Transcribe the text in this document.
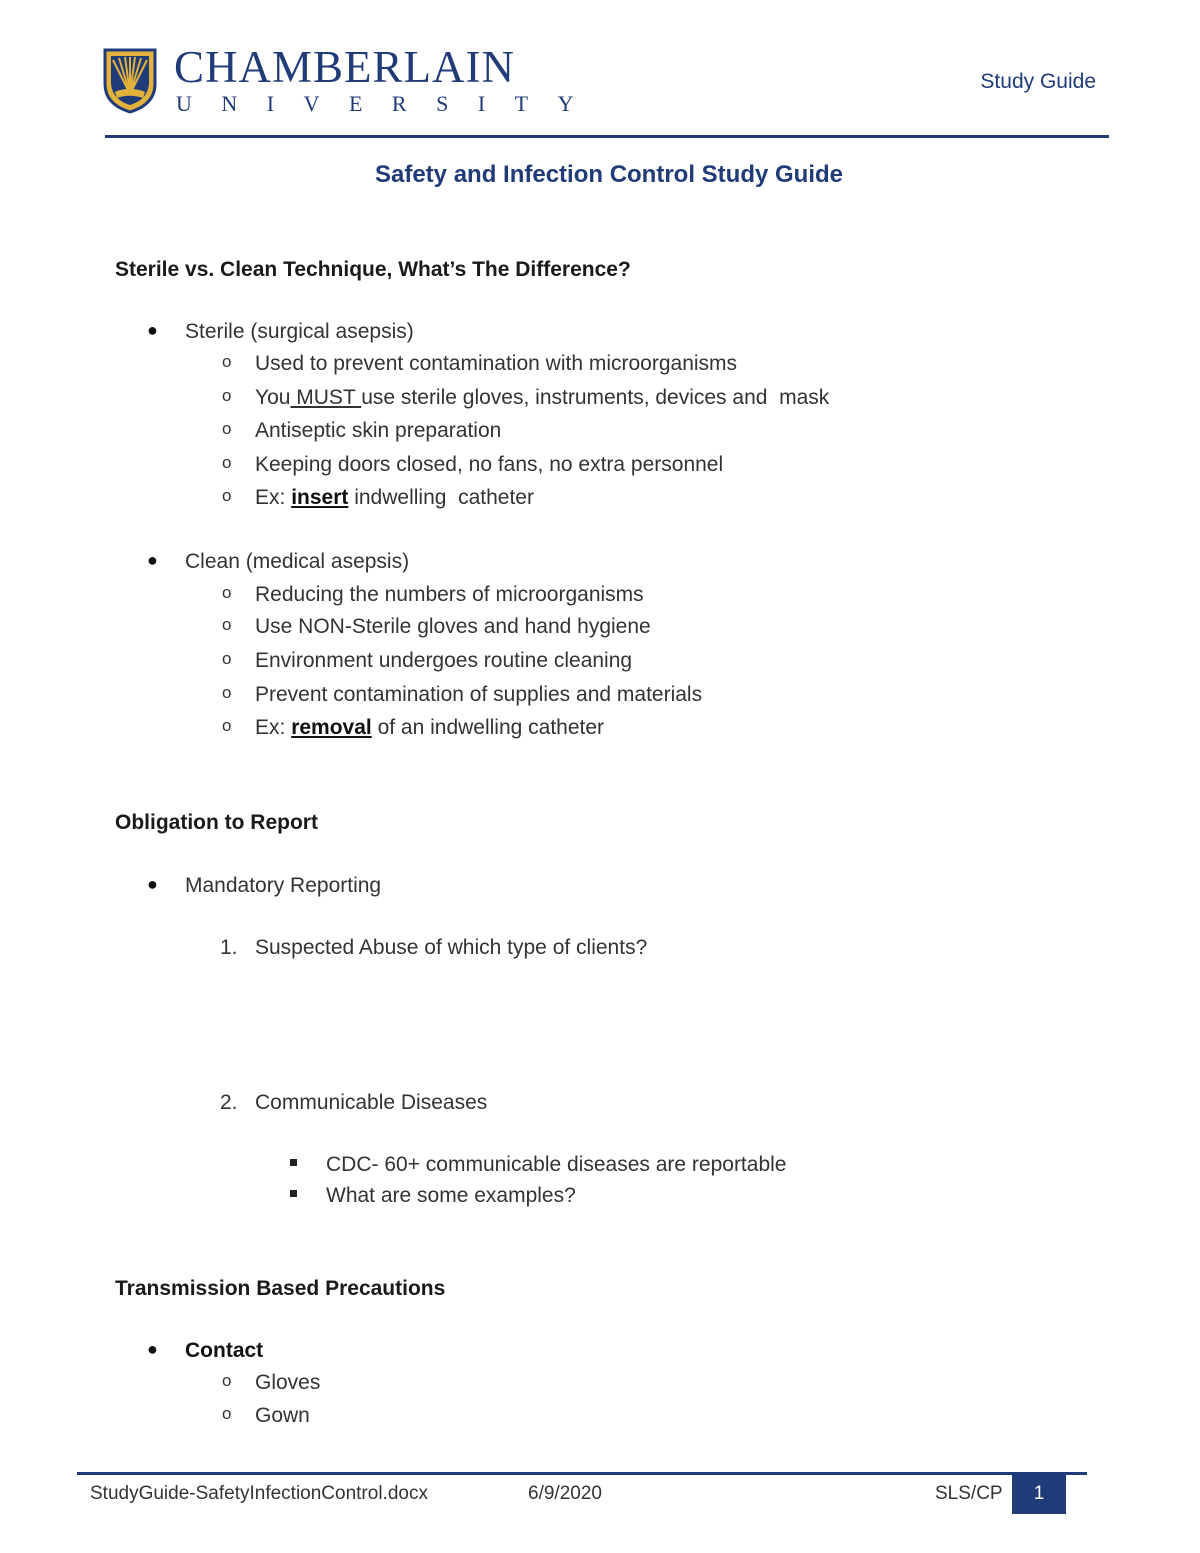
CHAMBERLAIN
UNIVERSITY
Study Guide
Safety and Infection Control Study Guide
Sterile vs. Clean Technique, What’s The Difference?
● Sterile (surgical asepsis)
o Used to prevent contamination with microorganisms
o You MUST use sterile gloves, instruments, devices and  mask
o Antiseptic skin preparation
o Keeping doors closed, no fans, no extra personnel
o Ex: insert indwelling  catheter
● Clean (medical asepsis)
o Reducing the numbers of microorganisms
o Use NON-Sterile gloves and hand hygiene
o Environment undergoes routine cleaning
o Prevent contamination of supplies and materials
o Ex: removal of an indwelling catheter
Obligation to Report
● Mandatory Reporting
1. Suspected Abuse of which type of clients?
2. Communicable Diseases
CDC- 60+ communicable diseases are reportable
What are some examples?
Transmission Based Precautions
● Contact
o Gloves
o Gown
StudyGuide-SafetyInfectionControl.docx	6/9/2020	SLS/CP	1
